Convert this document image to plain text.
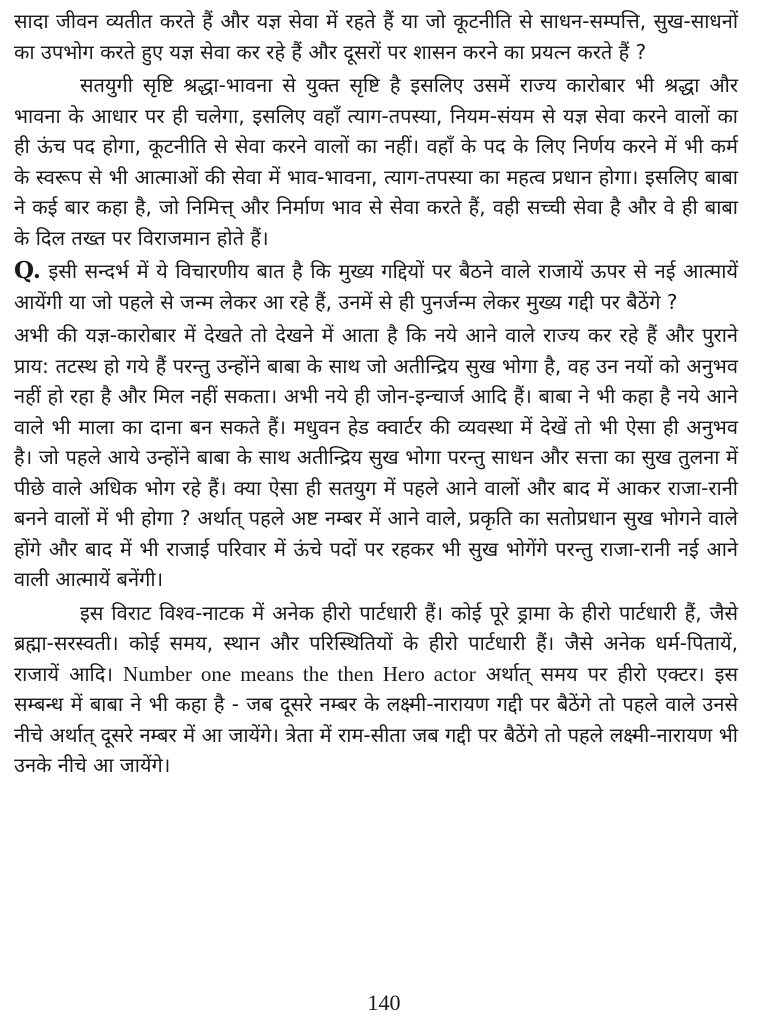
सादा जीवन व्यतीत करते हैं और यज्ञ सेवा में रहते हैं या जो कूटनीति से साधन-सम्पत्ति, सुख-साधनों का उपभोग करते हुए यज्ञ सेवा कर रहे हैं और दूसरों पर शासन करने का प्रयत्न करते हैं ?

सतयुगी सृष्टि श्रद्धा-भावना से युक्त सृष्टि है इसलिए उसमें राज्य कारोबार भी श्रद्धा और भावना के आधार पर ही चलेगा, इसलिए वहाँ त्याग-तपस्या, नियम-संयम से यज्ञ सेवा करने वालों का ही ऊंच पद होगा, कूटनीति से सेवा करने वालों का नहीं। वहाँ के पद के लिए निर्णय करने में भी कर्म के स्वरूप से भी आत्माओं की सेवा में भाव-भावना, त्याग-तपस्या का महत्व प्रधान होगा। इसलिए बाबा ने कई बार कहा है, जो निमित्त् और निर्माण भाव से सेवा करते हैं, वही सच्ची सेवा है और वे ही बाबा के दिल तख्त पर विराजमान होते हैं।

Q. इसी सन्दर्भ में ये विचारणीय बात है कि मुख्य गद्दियों पर बैठने वाले राजायें ऊपर से नई आत्मायें आयेंगी या जो पहले से जन्म लेकर आ रहे हैं, उनमें से ही पुनर्जन्म लेकर मुख्य गद्दी पर बैठेंगे ?

अभी की यज्ञ-कारोबार में देखते तो देखने में आता है कि नये आने वाले राज्य कर रहे हैं और पुराने प्राय: तटस्थ हो गये हैं परन्तु उन्होंने बाबा के साथ जो अतीन्द्रिय सुख भोगा है, वह उन नयों को अनुभव नहीं हो रहा है और मिल नहीं सकता। अभी नये ही जोन-इन्चार्ज आदि हैं। बाबा ने भी कहा है नये आने वाले भी माला का दाना बन सकते हैं। मधुवन हेड क्वार्टर की व्यवस्था में देखें तो भी ऐसा ही अनुभव है। जो पहले आये उन्होंने बाबा के साथ अतीन्द्रिय सुख भोगा परन्तु साधन और सत्ता का सुख तुलना में पीछे वाले अधिक भोग रहे हैं। क्या ऐसा ही सतयुग में पहले आने वालों और बाद में आकर राजा-रानी बनने वालों में भी होगा ? अर्थात् पहले अष्ट नम्बर में आने वाले, प्रकृति का सतोप्रधान सुख भोगने वाले होंगे और बाद में भी राजाई परिवार में ऊंचे पदों पर रहकर भी सुख भोगेंगे परन्तु राजा-रानी नई आने वाली आत्मायें बनेंगी।

इस विराट विश्व-नाटक में अनेक हीरो पार्टधारी हैं। कोई पूरे ड्रामा के हीरो पार्टधारी हैं, जैसे ब्रह्मा-सरस्वती। कोई समय, स्थान और परिस्थितियों के हीरो पार्टधारी हैं। जैसे अनेक धर्म-पितायें, राजायें आदि। Number one means the then Hero actor अर्थात् समय पर हीरो एक्टर। इस सम्बन्ध में बाबा ने भी कहा है - जब दूसरे नम्बर के लक्ष्मी-नारायण गद्दी पर बैठेंगे तो पहले वाले उनसे नीचे अर्थात् दूसरे नम्बर में आ जायेंगे। त्रेता में राम-सीता जब गद्दी पर बैठेंगे तो पहले लक्ष्मी-नारायण भी उनके नीचे आ जायेंगे।

140
